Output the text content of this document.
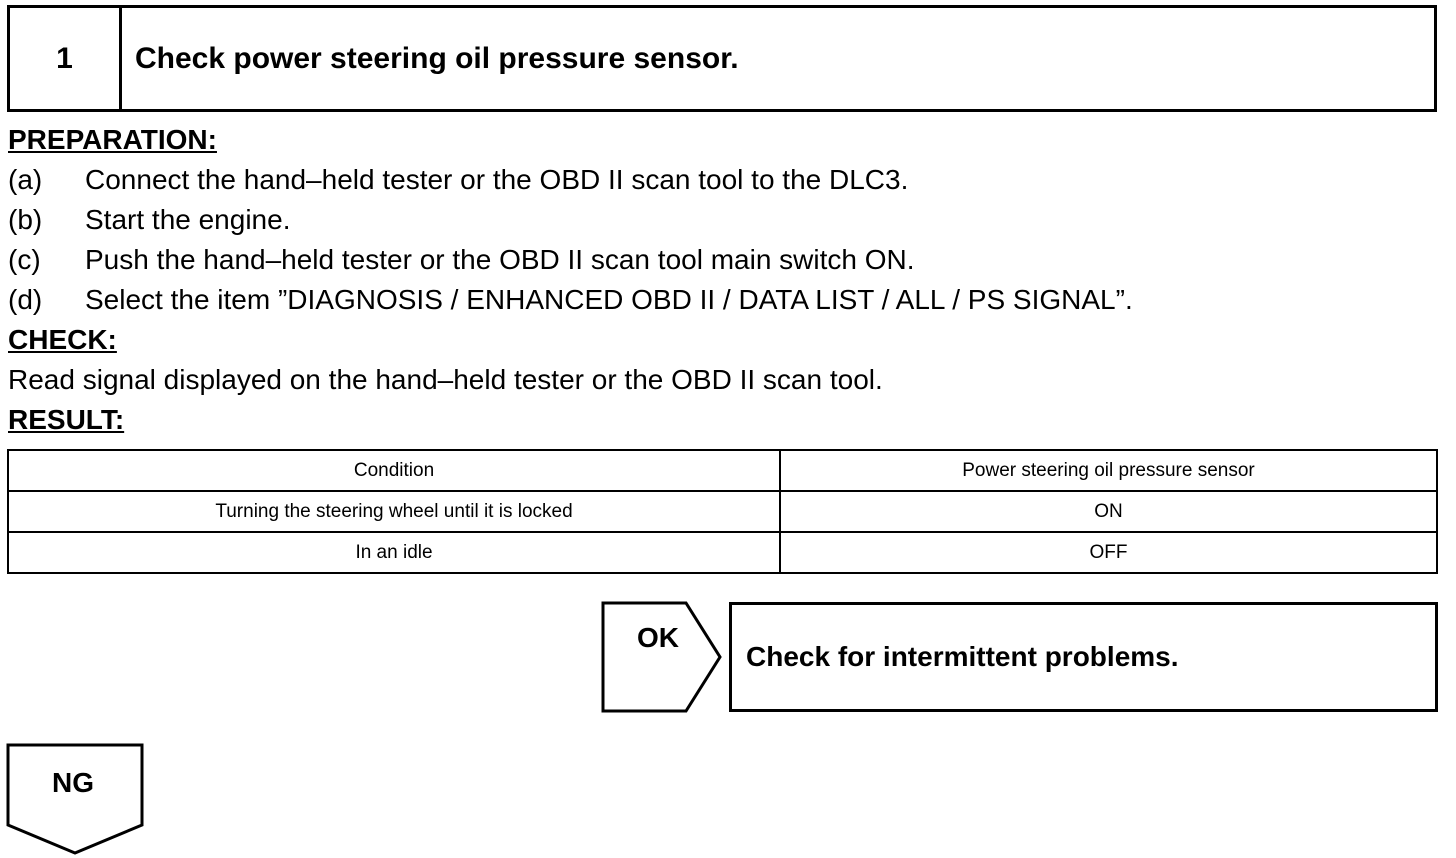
1	Check power steering oil pressure sensor.
PREPARATION:
(a) Connect the hand–held tester or the OBD II scan tool to the DLC3.
(b) Start the engine.
(c) Push the hand–held tester or the OBD II scan tool main switch ON.
(d) Select the item ”DIAGNOSIS / ENHANCED OBD II / DATA LIST / ALL / PS SIGNAL”.
CHECK:
Read signal displayed on the hand–held tester or the OBD II scan tool.
RESULT:
Condition	Power steering oil pressure sensor
Turning the steering wheel until it is locked	ON
In an idle	OFF
OK
Check for intermittent problems.
NG
